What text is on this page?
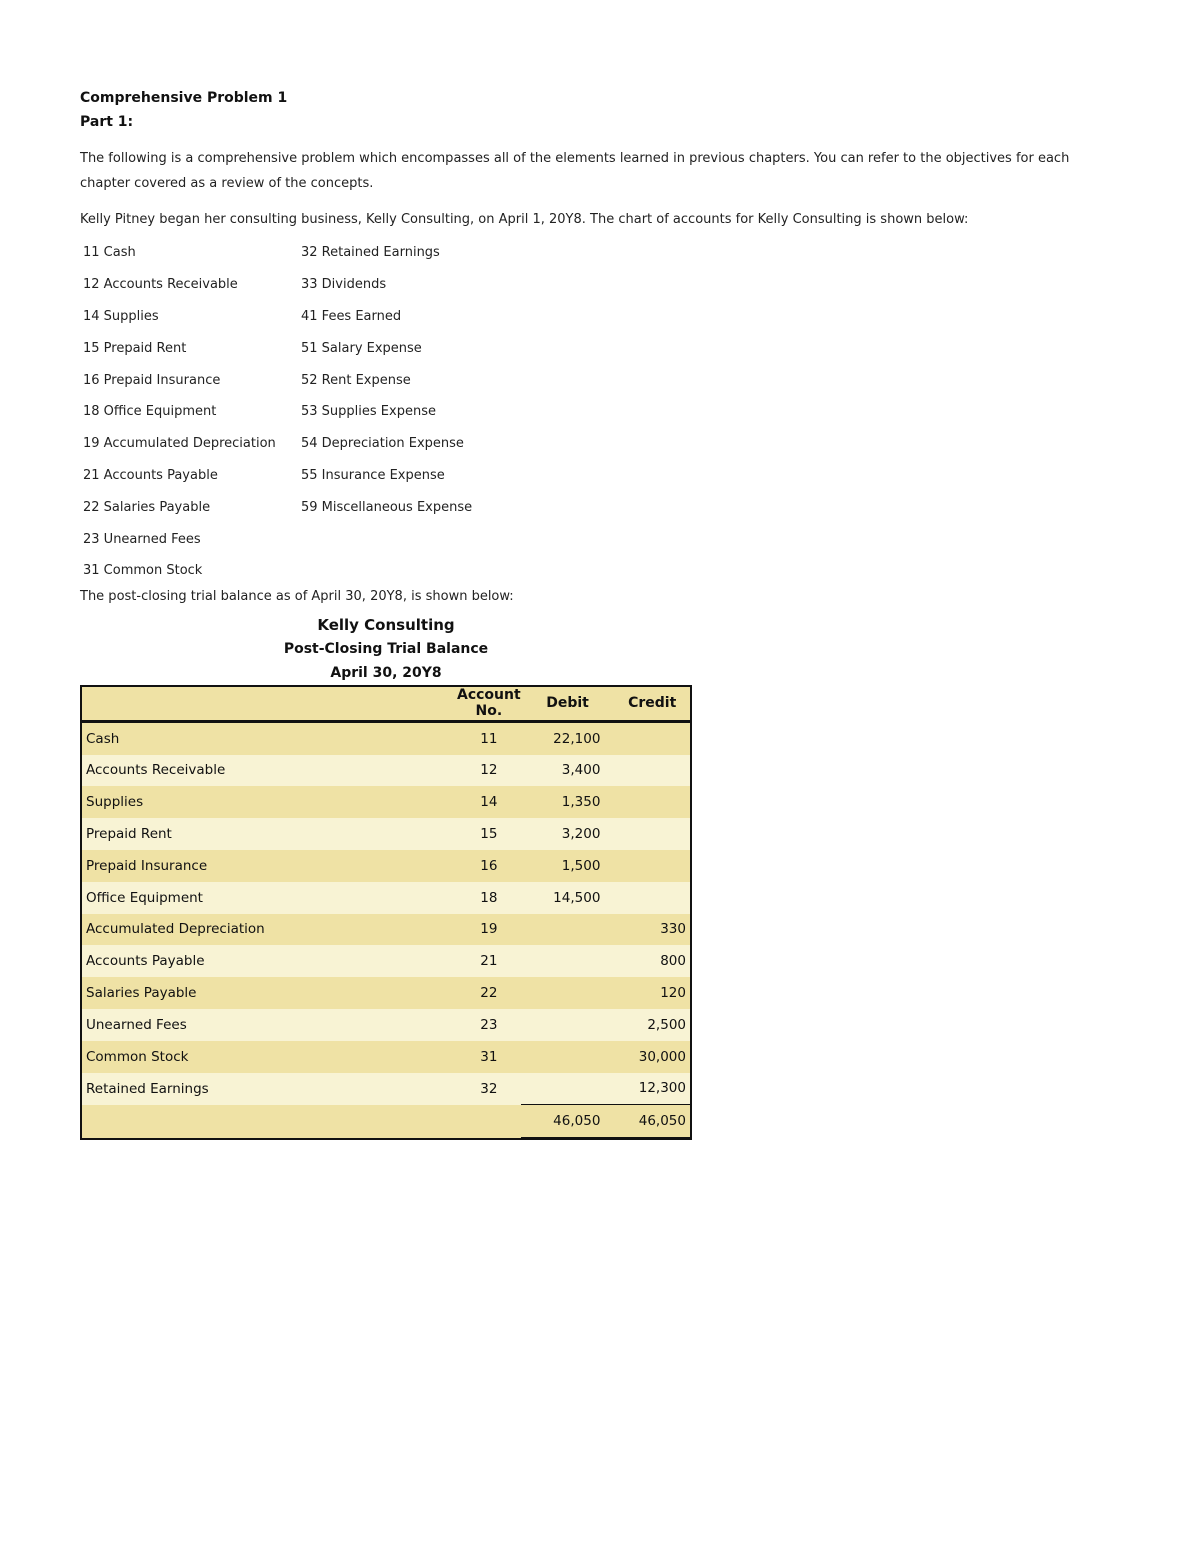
Comprehensive Problem 1

Part 1:

The following is a comprehensive problem which encompasses all of the elements learned in previous chapters. You can refer to the objectives for each chapter covered as a review of the concepts.

Kelly Pitney began her consulting business, Kelly Consulting, on April 1, 20Y8. The chart of accounts for Kelly Consulting is shown below:

11 Cash
12 Accounts Receivable
14 Supplies
15 Prepaid Rent
16 Prepaid Insurance
18 Office Equipment
19 Accumulated Depreciation
21 Accounts Payable
22 Salaries Payable
23 Unearned Fees
31 Common Stock
32 Retained Earnings
33 Dividends
41 Fees Earned
51 Salary Expense
52 Rent Expense
53 Supplies Expense
54 Depreciation Expense
55 Insurance Expense
59 Miscellaneous Expense

The post-closing trial balance as of April 30, 20Y8, is shown below:

Kelly Consulting
Post-Closing Trial Balance
April 30, 20Y8
	Account No.	Debit	Credit
Cash	11	22,100	
Accounts Receivable	12	3,400	
Supplies	14	1,350	
Prepaid Rent	15	3,200	
Prepaid Insurance	16	1,500	
Office Equipment	18	14,500	
Accumulated Depreciation	19		330
Accounts Payable	21		800
Salaries Payable	22		120
Unearned Fees	23		2,500
Common Stock	31		30,000
Retained Earnings	32		12,300
		46,050	46,050
